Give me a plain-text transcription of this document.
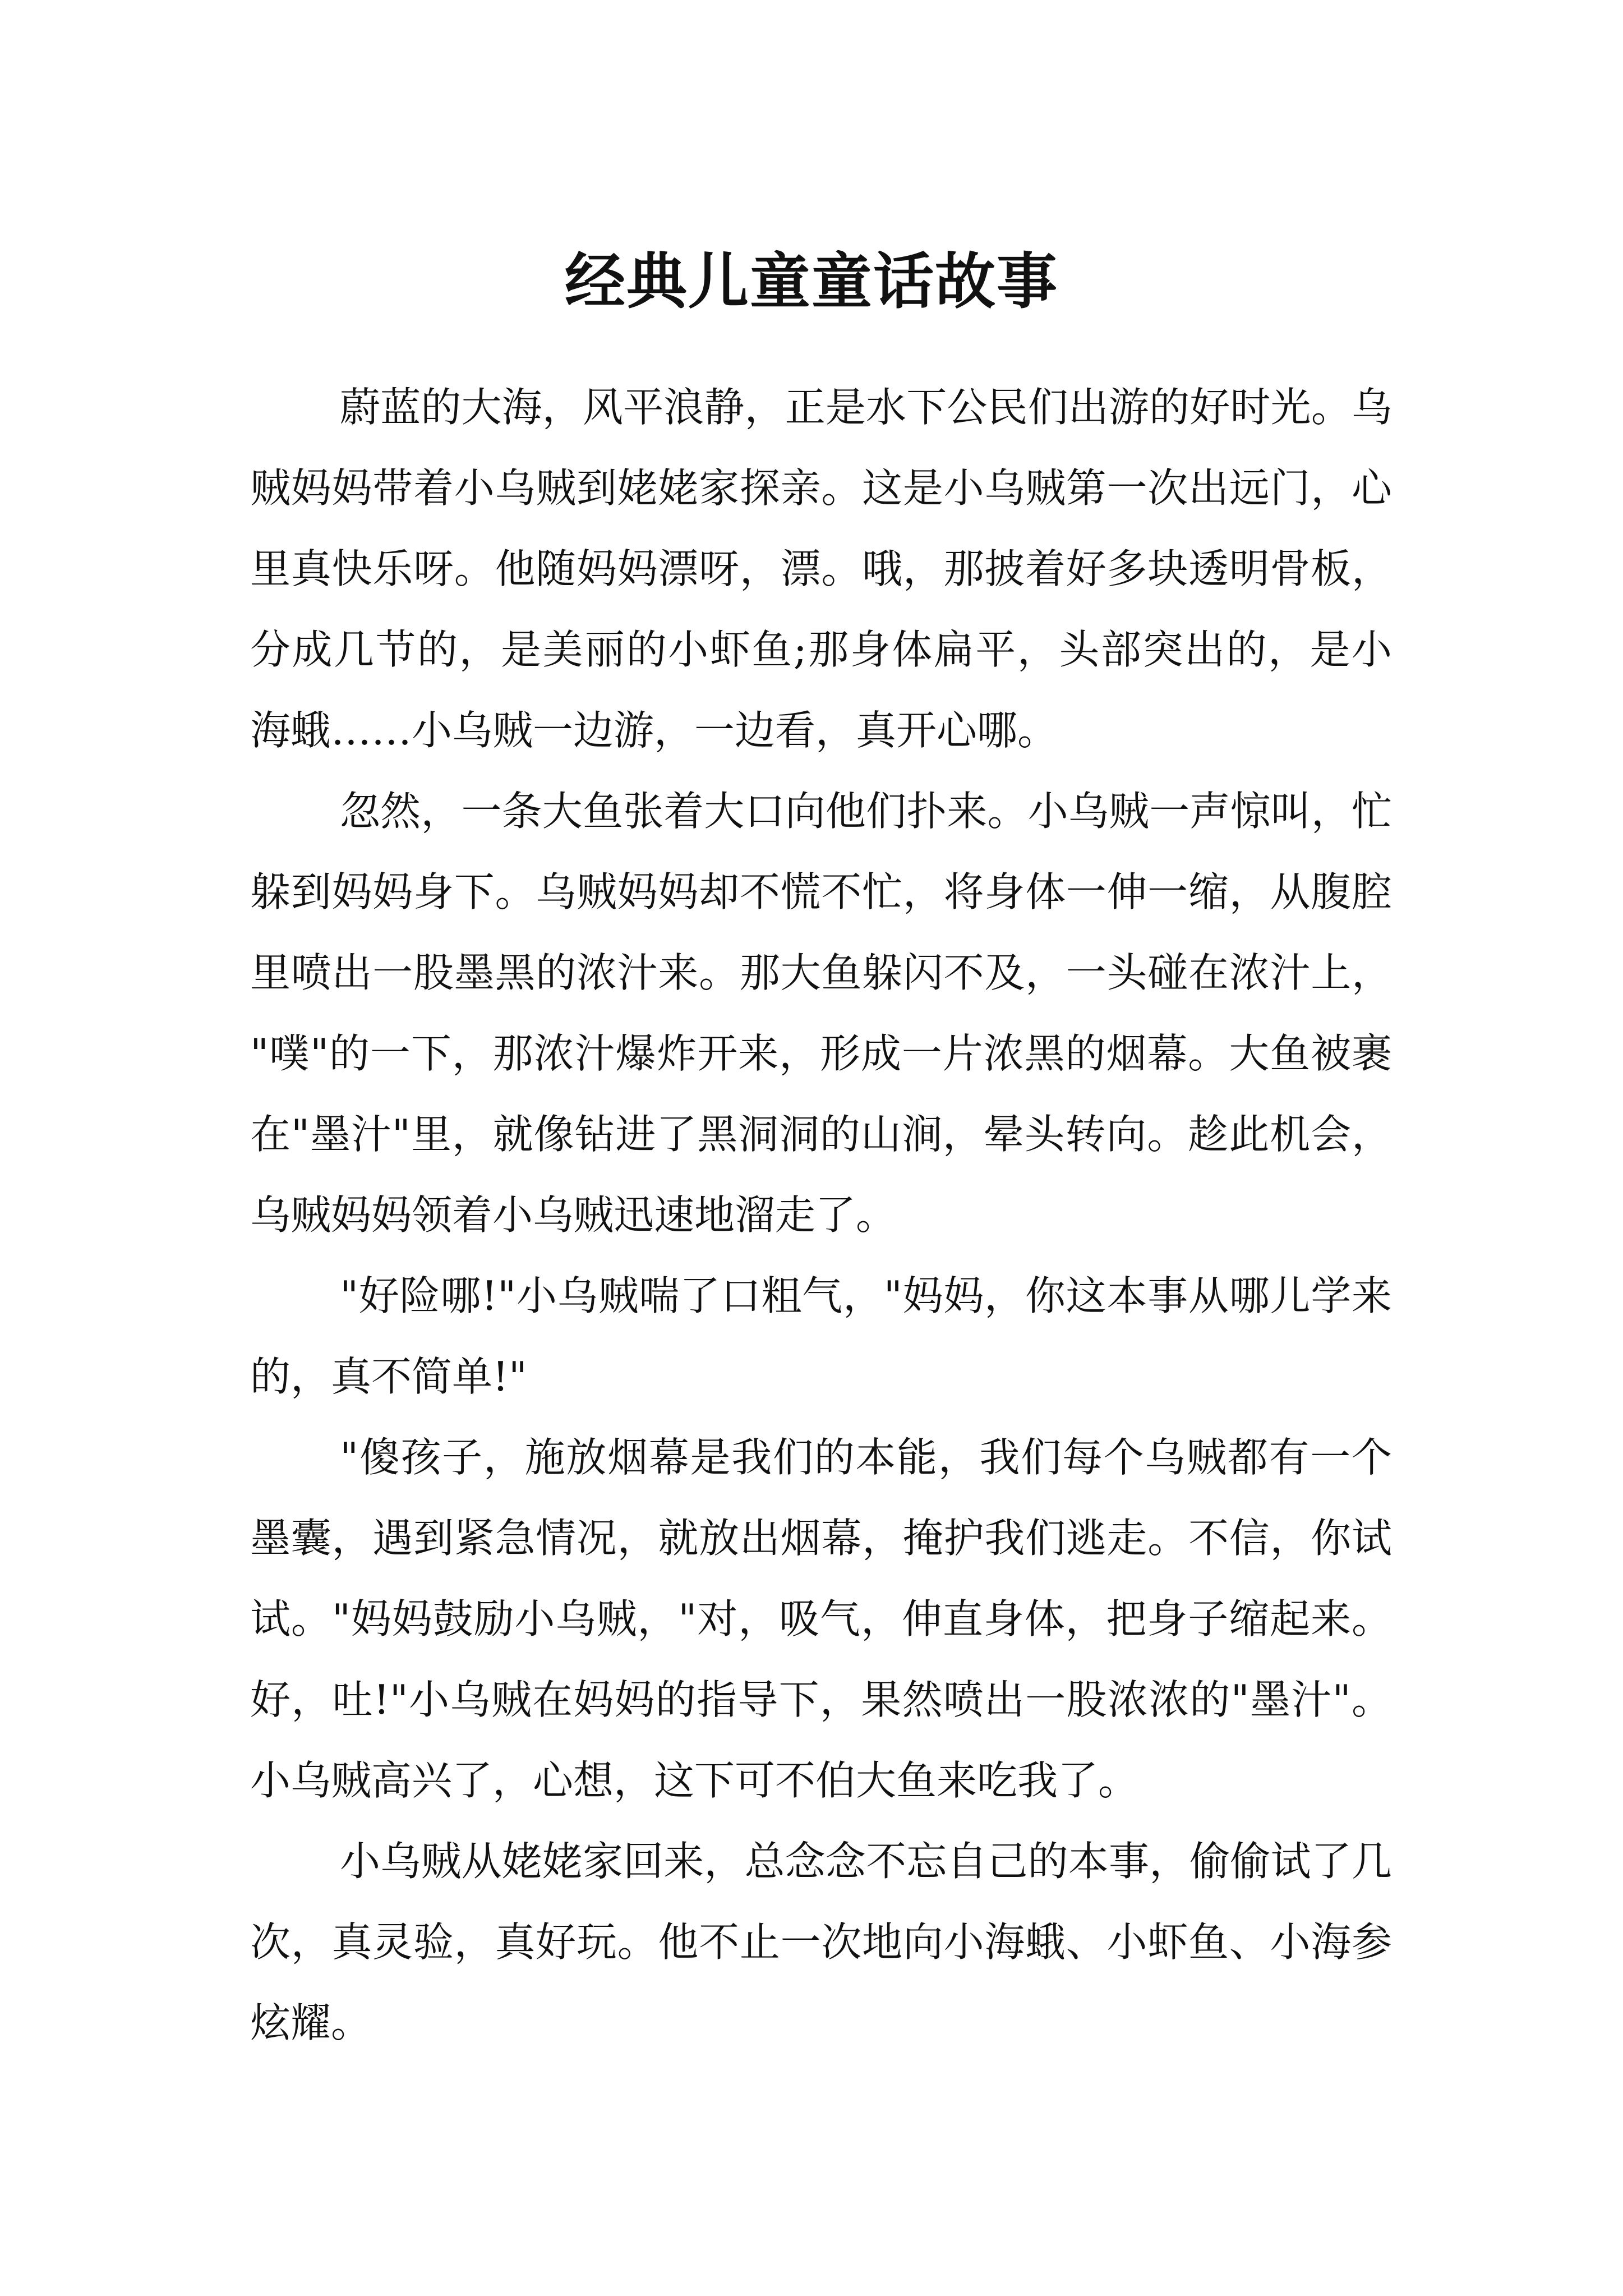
经典儿童童话故事

蔚蓝的大海，风平浪静，正是水下公民们出游的好时光。乌贼妈妈带着小乌贼到姥姥家探亲。这是小乌贼第一次出远门，心里真快乐呀。他随妈妈漂呀，漂。哦，那披着好多块透明骨板，分成几节的，是美丽的小虾鱼;那身体扁平，头部突出的，是小海蛾……小乌贼一边游，一边看，真开心哪。

忽然，一条大鱼张着大口向他们扑来。小乌贼一声惊叫，忙躲到妈妈身下。乌贼妈妈却不慌不忙，将身体一伸一缩，从腹腔里喷出一股墨黑的浓汁来。那大鱼躲闪不及，一头碰在浓汁上，"噗"的一下，那浓汁爆炸开来，形成一片浓黑的烟幕。大鱼被裹在"墨汁"里，就像钻进了黑洞洞的山涧，晕头转向。趁此机会，乌贼妈妈领着小乌贼迅速地溜走了。

"好险哪!"小乌贼喘了口粗气，"妈妈，你这本事从哪儿学来的，真不简单!"

"傻孩子，施放烟幕是我们的本能，我们每个乌贼都有一个墨囊，遇到紧急情况，就放出烟幕，掩护我们逃走。不信，你试试。"妈妈鼓励小乌贼，"对，吸气，伸直身体，把身子缩起来。好，吐!"小乌贼在妈妈的指导下，果然喷出一股浓浓的"墨汁"。小乌贼高兴了，心想，这下可不伯大鱼来吃我了。

小乌贼从姥姥家回来，总念念不忘自己的本事，偷偷试了几次，真灵验，真好玩。他不止一次地向小海蛾、小虾鱼、小海参炫耀。
